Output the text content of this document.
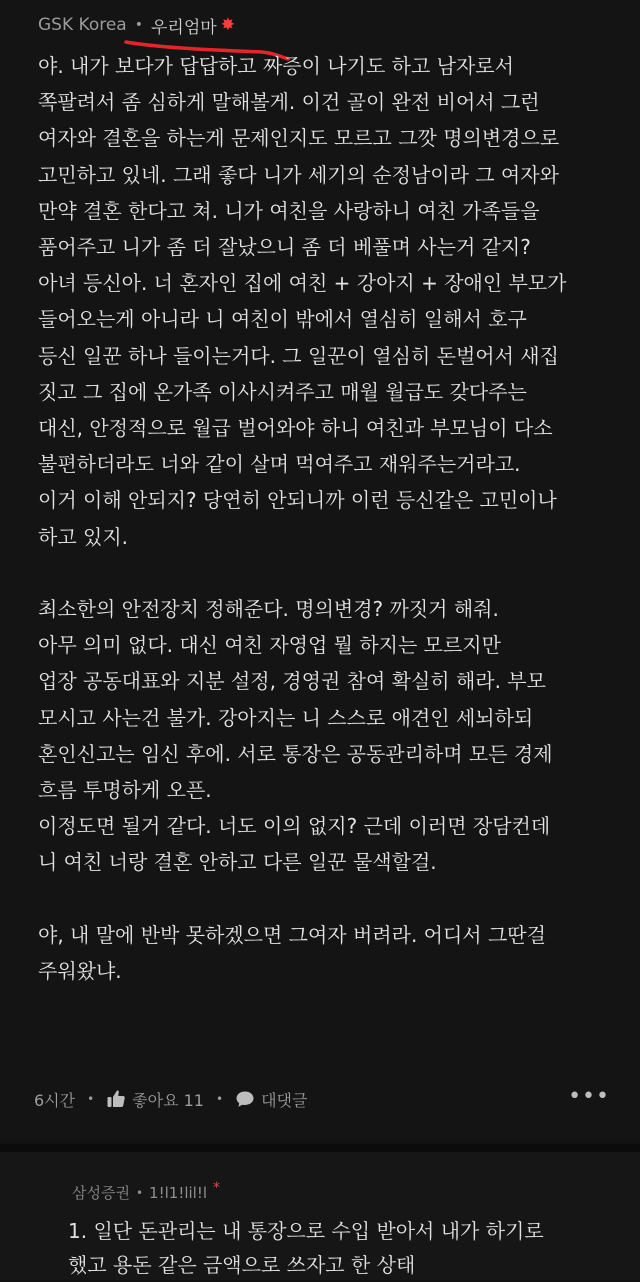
GSK Korea • 우리엄마 ✸

야. 내가 보다가 답답하고 짜증이 나기도 하고 남자로서
쪽팔려서 좀 심하게 말해볼게. 이건 골이 완전 비어서 그런
여자와 결혼을 하는게 문제인지도 모르고 그깟 명의변경으로
고민하고 있네. 그래 좋다 니가 세기의 순정남이라 그 여자와
만약 결혼 한다고 쳐. 니가 여친을 사랑하니 여친 가족들을
품어주고 니가 좀 더 잘났으니 좀 더 베풀며 사는거 같지?
아녀 등신아. 너 혼자인 집에 여친 + 강아지 + 장애인 부모가
들어오는게 아니라 니 여친이 밖에서 열심히 일해서 호구
등신 일꾼 하나 들이는거다. 그 일꾼이 열심히 돈벌어서 새집
짓고 그 집에 온가족 이사시켜주고 매월 월급도 갖다주는
대신, 안정적으로 월급 벌어와야 하니 여친과 부모님이 다소
불편하더라도 너와 같이 살며 먹여주고 재워주는거라고.
이거 이해 안되지? 당연히 안되니까 이런 등신같은 고민이나
하고 있지.

최소한의 안전장치 정해준다. 명의변경? 까짓거 해줘.
아무 의미 없다. 대신 여친 자영업 뭘 하지는 모르지만
업장 공동대표와 지분 설정, 경영권 참여 확실히 해라. 부모
모시고 사는건 불가. 강아지는 니 스스로 애견인 세뇌하되
혼인신고는 임신 후에. 서로 통장은 공동관리하며 모든 경제
흐름 투명하게 오픈.
이정도면 될거 같다. 너도 이의 없지? 근데 이러면 장담컨데
니 여친 너랑 결혼 안하고 다른 일꾼 물색할걸.

야, 내 말에 반박 못하겠으면 그여자 버려라. 어디서 그딴걸
주워왔냐.

6시간 • 좋아요 11 • 대댓글	•••
삼성증권 • 1!l1!lil!l *
1. 일단 돈관리는 내 통장으로 수입 받아서 내가 하기로
했고 용돈 같은 금액으로 쓰자고 한 상태
